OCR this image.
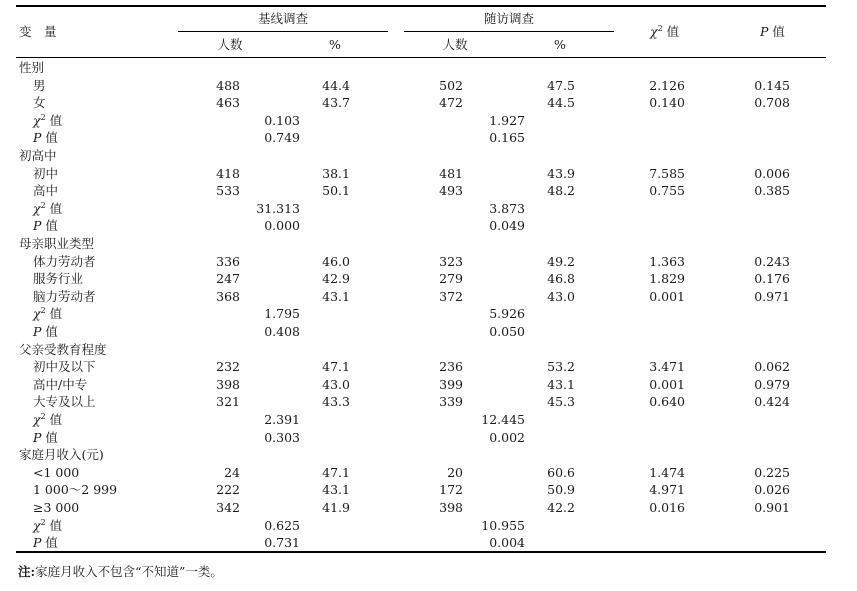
变　量
基线调查	随访调查
人数	%	人数	%
$\chi^2$ 值	P 值
性别
男	488	44.4	502	47.5	2.126	0.145
女	463	43.7	472	44.5	0.140	0.708
$\chi^2$ 值	0.103	1.927
P 值	0.749	0.165
初高中
初中	418	38.1	481	43.9	7.585	0.006
高中	533	50.1	493	48.2	0.755	0.385
$\chi^2$ 值	31.313	3.873
P 值	0.000	0.049
母亲职业类型
体力劳动者	336	46.0	323	49.2	1.363	0.243
服务行业	247	42.9	279	46.8	1.829	0.176
脑力劳动者	368	43.1	372	43.0	0.001	0.971
$\chi^2$ 值	1.795	5.926
P 值	0.408	0.050
父亲受教育程度
初中及以下	232	47.1	236	53.2	3.471	0.062
高中/中专	398	43.0	399	43.1	0.001	0.979
大专及以上	321	43.3	339	45.3	0.640	0.424
$\chi^2$ 值	2.391	12.445
P 值	0.303	0.002
家庭月收入(元)
<1 000	24	47.1	20	60.6	1.474	0.225
1 000～2 999	222	43.1	172	50.9	4.971	0.026
≥3 000	342	41.9	398	42.2	0.016	0.901
$\chi^2$ 值	0.625	10.955
P 值	0.731	0.004
注:家庭月收入不包含“不知道”一类。
